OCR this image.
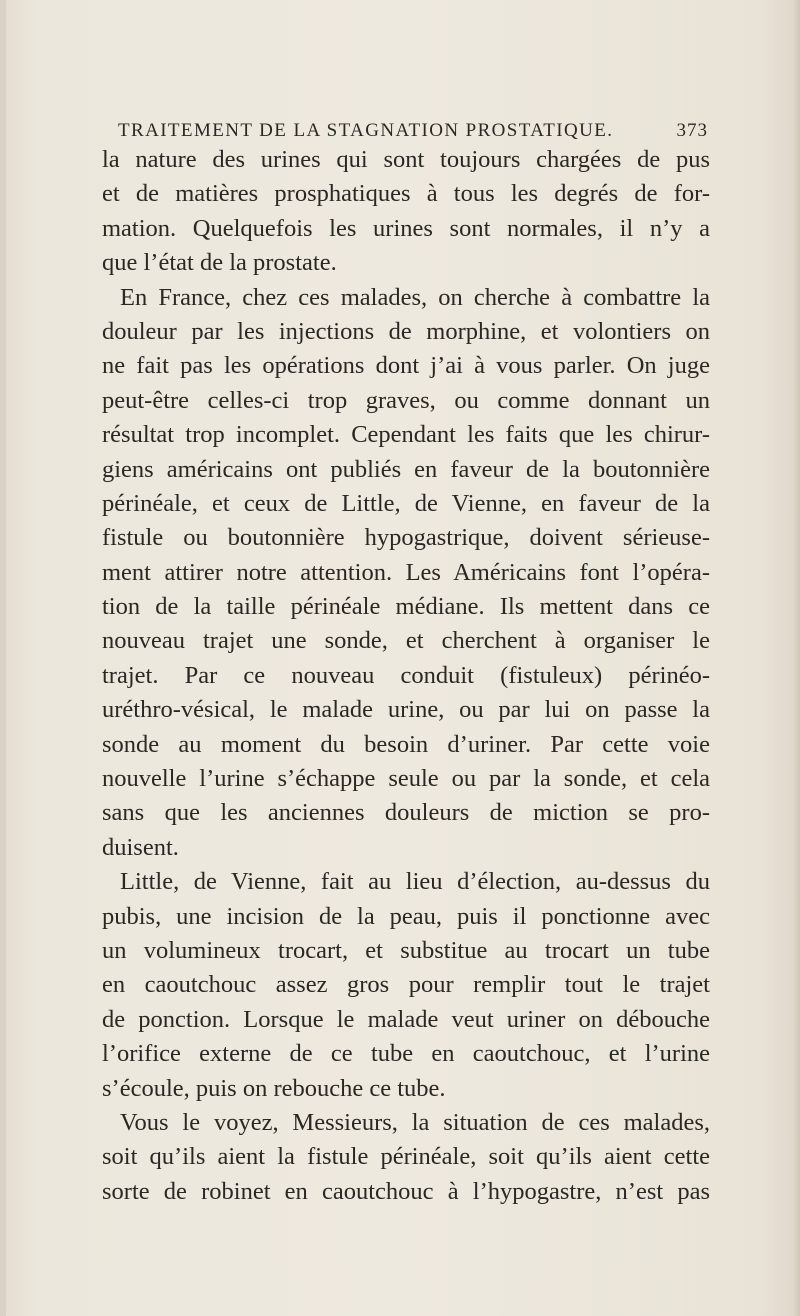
TRAITEMENT DE LA STAGNATION PROSTATIQUE.	373
la nature des urines qui sont toujours chargées de pus
et de matières prosphatiques à tous les degrés de for-
mation. Quelquefois les urines sont normales, il n’y a
que l’état de la prostate.
En France, chez ces malades, on cherche à combattre la
douleur par les injections de morphine, et volontiers on
ne fait pas les opérations dont j’ai à vous parler. On juge
peut-être celles-ci trop graves, ou comme donnant un
résultat trop incomplet. Cependant les faits que les chirur-
giens américains ont publiés en faveur de la boutonnière
périnéale, et ceux de Little, de Vienne, en faveur de la
fistule ou boutonnière hypogastrique, doivent sérieuse-
ment attirer notre attention. Les Américains font l’opéra-
tion de la taille périnéale médiane. Ils mettent dans ce
nouveau trajet une sonde, et cherchent à organiser le
trajet. Par ce nouveau conduit (fistuleux) périnéo-
uréthro-vésical, le malade urine, ou par lui on passe la
sonde au moment du besoin d’uriner. Par cette voie
nouvelle l’urine s’échappe seule ou par la sonde, et cela
sans que les anciennes douleurs de miction se pro-
duisent.
Little, de Vienne, fait au lieu d’élection, au-dessus du
pubis, une incision de la peau, puis il ponctionne avec
un volumineux trocart, et substitue au trocart un tube
en caoutchouc assez gros pour remplir tout le trajet
de ponction. Lorsque le malade veut uriner on débouche
l’orifice externe de ce tube en caoutchouc, et l’urine
s’écoule, puis on rebouche ce tube.
Vous le voyez, Messieurs, la situation de ces malades,
soit qu’ils aient la fistule périnéale, soit qu’ils aient cette
sorte de robinet en caoutchouc à l’hypogastre, n’est pas
